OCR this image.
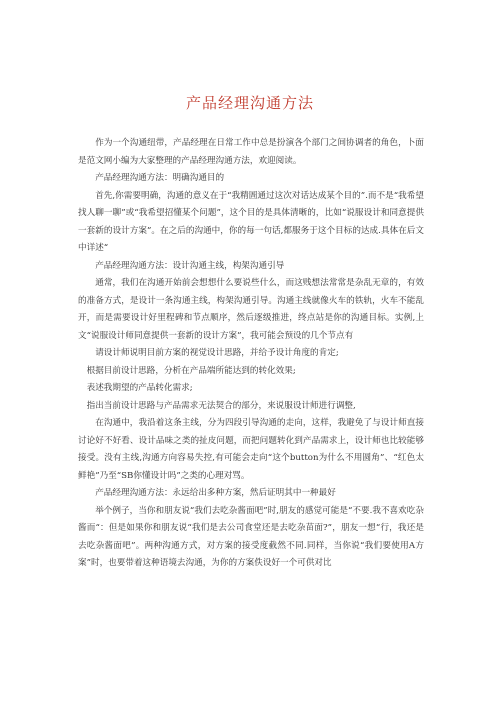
产品经理沟通方法

作为一个沟通纽带，产品经理在日常工作中总是扮演各个部门之间协调者的角色，卜面是范文网小编为大家整理的产品经理沟通方法，欢迎阅读。

产品经理沟通方法：明确沟通目的

首先,你需要明确，沟通的意义在于“我精圄通过这次对话达成某个目的”.而不是“我希望找人聊一聊”或“我希望招懂某个问题”，这个目的是具体清晰的，比如“说服设计和同意提供一套新的设计方案”。在之后的沟通中，你的每一句话,都服务于这个目标的达成.具体在后文中详述“

产品经理沟通方法：设计沟通主线，构架沟通引导

通常，我们在沟通开始前会想想什么要说些什么，而这贱想法常常是杂乱无章的，有效的准备方式，是设计一条沟通主线，构架沟通引导。沟通主线就像火车的铁轨，火车不能乱开，而是需要设计好里程碑和节点顺序，然后逐级推进，终点站是你的沟通目标。实例,上文“说服设计师同意提供一套新的设计方案”，我可能会预设的几个节点有

请设计师说明目前方案的视觉设计思路，并给予设计角度的肯定;

根据目前设计思路，分析在产品端所能达到的转化效果;

表述我期望的产品转化需求;

指出当前设计思路与产品需求无法契合的部分，来说服设计师进行调整,

在沟通中，我沿着这条主线，分为四段引导沟通的走向，这样，我避免了与设计师直接讨论好不好看、设计品味之类的扯皮问题，而把问题转化到产品需求上，设计师也比较能够接受。没有主线,沟通方向容易失控,有可能会走向“这个button为什么不用圆角”、“红色太鲜艳”乃至“SB你懂设计吗”之类的心理对骂。

产品经理沟通方法：永远给出多种方案，然后证明其中一种最好

举个例子，当你和朋友说“我们去吃杂酱面吧”时,朋友的感觉可能是“不要.我不喜欢吃杂酱而“：但是如果你和朋友说“我们是去公司食堂还是去吃杂苗面?”，朋友一想“行，我还是去吃杂酱面吧”。两种沟通方式，对方案的接受度截然不同.同样，当你说“我们要使用A方案”时，也要带着这种语境去沟通，为你的方案佚设好一个可供对比
